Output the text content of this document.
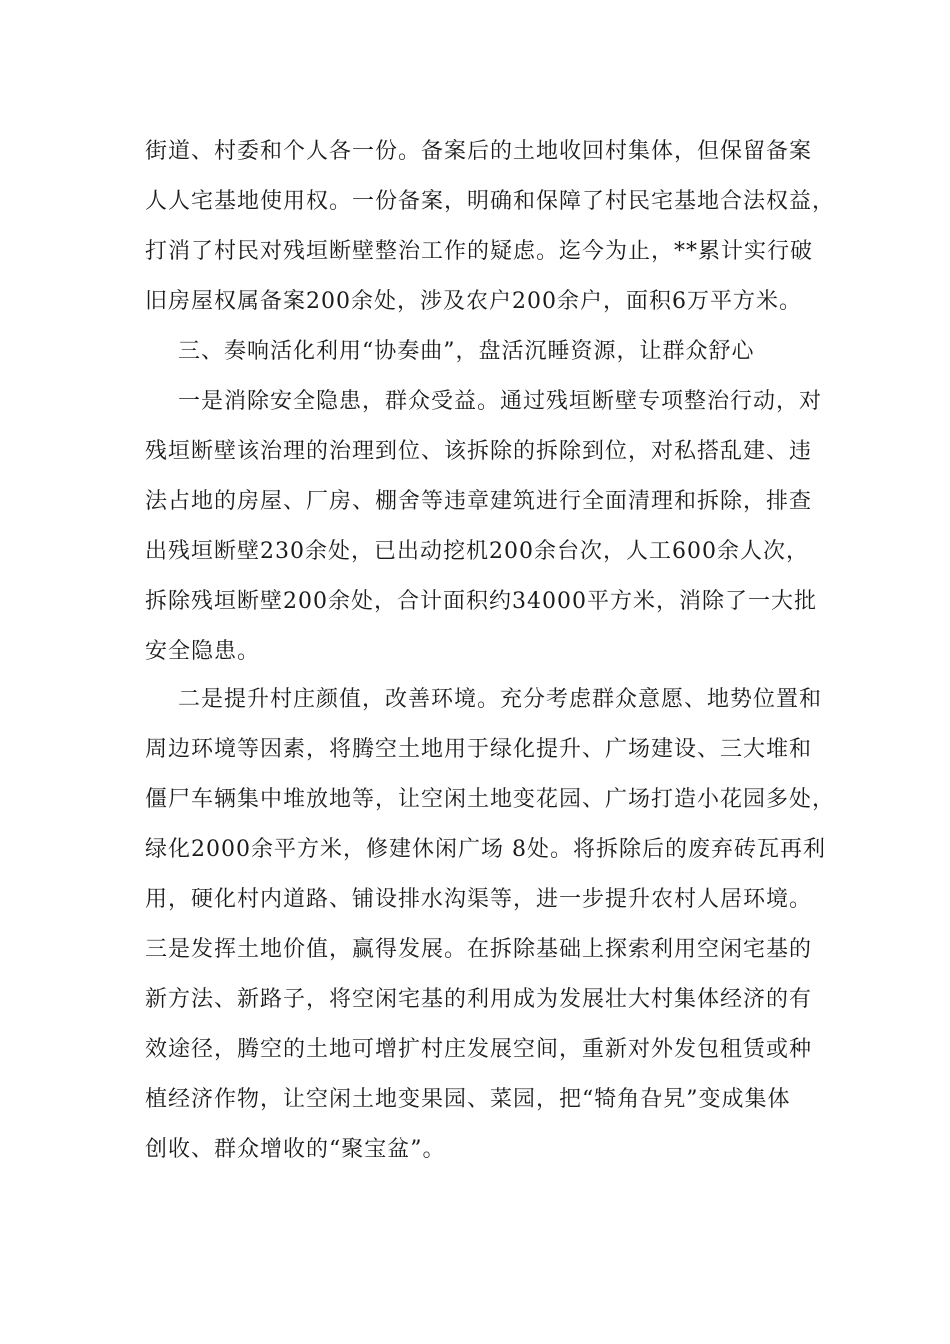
街道、村委和个人各一份。备案后的土地收回村集体，但保留备案
人人宅基地使用权。一份备案，明确和保障了村民宅基地合法权益，
打消了村民对残垣断壁整治工作的疑虑。迄今为止，**累计实行破
旧房屋权属备案200余处，涉及农户200余户，面积6万平方米。
三、奏响活化利用“协奏曲”，盘活沉睡资源，让群众舒心
一是消除安全隐患，群众受益。通过残垣断壁专项整治行动，对
残垣断壁该治理的治理到位、该拆除的拆除到位，对私搭乱建、违
法占地的房屋、厂房、棚舍等违章建筑进行全面清理和拆除，排查
出残垣断壁230余处，已出动挖机200余台次，人工600余人次，
拆除残垣断壁200余处，合计面积约34000平方米，消除了一大批
安全隐患。
二是提升村庄颜值，改善环境。充分考虑群众意愿、地势位置和
周边环境等因素，将腾空土地用于绿化提升、广场建设、三大堆和
僵尸车辆集中堆放地等，让空闲土地变花园、广场打造小花园多处，
绿化2000余平方米，修建休闲广场 8处。将拆除后的废弃砖瓦再利
用，硬化村内道路、铺设排水沟渠等，进一步提升农村人居环境。
三是发挥土地价值，赢得发展。在拆除基础上探索利用空闲宅基的
新方法、新路子，将空闲宅基的利用成为发展壮大村集体经济的有
效途径，腾空的土地可增扩村庄发展空间，重新对外发包租赁或种
植经济作物，让空闲土地变果园、菜园，把“犄角旮旯”变成集体
创收、群众增收的“聚宝盆”。
